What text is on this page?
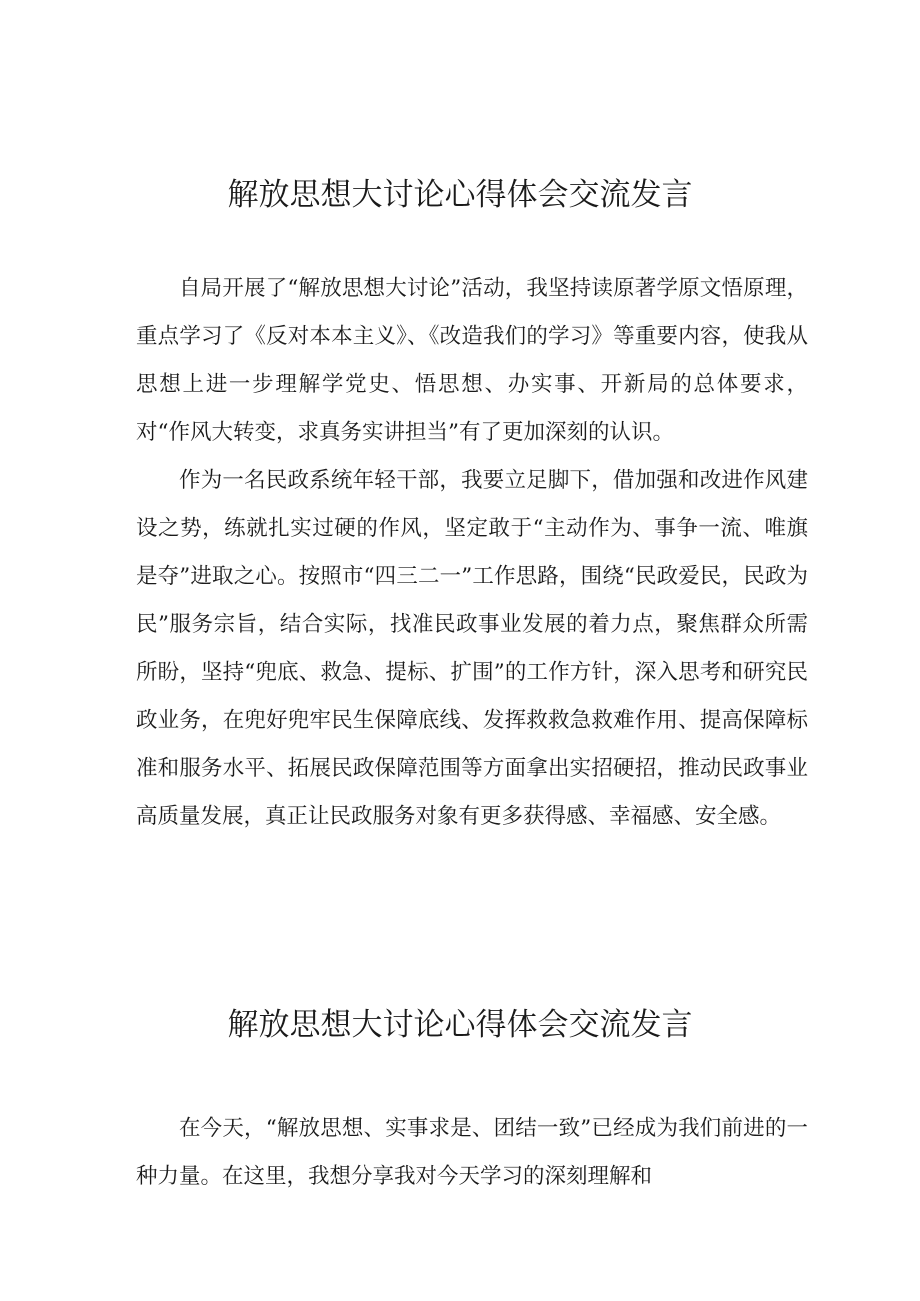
解放思想大讨论心得体会交流发言

自局开展了“解放思想大讨论”活动，我坚持读原著学原文悟原理，重点学习了《反对本本主义》、《改造我们的学习》等重要内容，使我从思想上进一步理解学党史、悟思想、办实事、开新局的总体要求，对“作风大转变，求真务实讲担当”有了更加深刻的认识。

作为一名民政系统年轻干部，我要立足脚下，借加强和改进作风建设之势，练就扎实过硬的作风，坚定敢于“主动作为、事争一流、唯旗是夺”进取之心。按照市“四三二一”工作思路，围绕“民政爱民，民政为民”服务宗旨，结合实际，找准民政事业发展的着力点，聚焦群众所需所盼，坚持“兜底、救急、提标、扩围”的工作方针，深入思考和研究民政业务，在兜好兜牢民生保障底线、发挥救救急救难作用、提高保障标准和服务水平、拓展民政保障范围等方面拿出实招硬招，推动民政事业高质量发展，真正让民政服务对象有更多获得感、幸福感、安全感。

解放思想大讨论心得体会交流发言

在今天，“解放思想、实事求是、团结一致”已经成为我们前进的一种力量。在这里，我想分享我对今天学习的深刻理解和
